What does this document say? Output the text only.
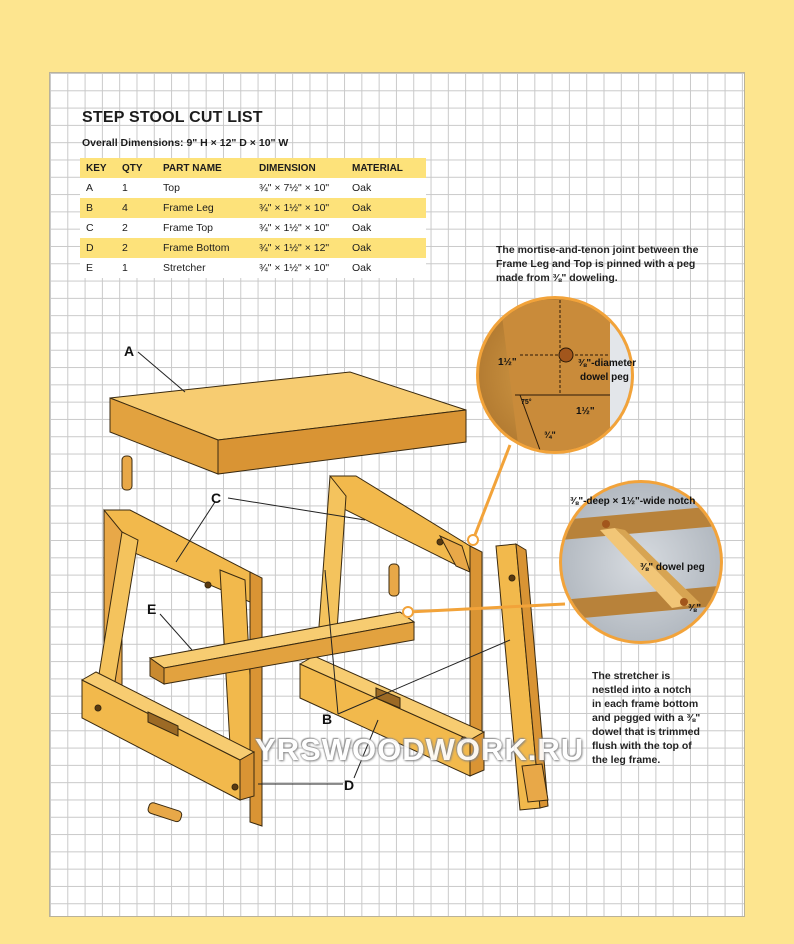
STEP STOOL CUT LIST
Overall Dimensions: 9" H × 12" D × 10" W
KEY	QTY	PART NAME	DIMENSION	MATERIAL
A	1	Top	¾" × 7½" × 10"	Oak
B	4	Frame Leg	¾" × 1½" × 10"	Oak
C	2	Frame Top	¾" × 1½" × 10"	Oak
D	2	Frame Bottom	¾" × 1½" × 12"	Oak
E	1	Stretcher	¾" × 1½" × 10"	Oak
The mortise-and-tenon joint between the
Frame Leg and Top is pinned with a peg
made from ⅜" doweling.
The stretcher is
nestled into a notch
in each frame bottom
and pegged with a ⅜"
dowel that is trimmed
flush with the top of
the leg frame.
A
C
E
B
D
1½"	⅜"-diameter
dowel peg
75°
1½"
¾"
⅜"-deep × 1½"-wide notch
⅜" dowel peg
⅜"
YRSWOODWORK.RU
